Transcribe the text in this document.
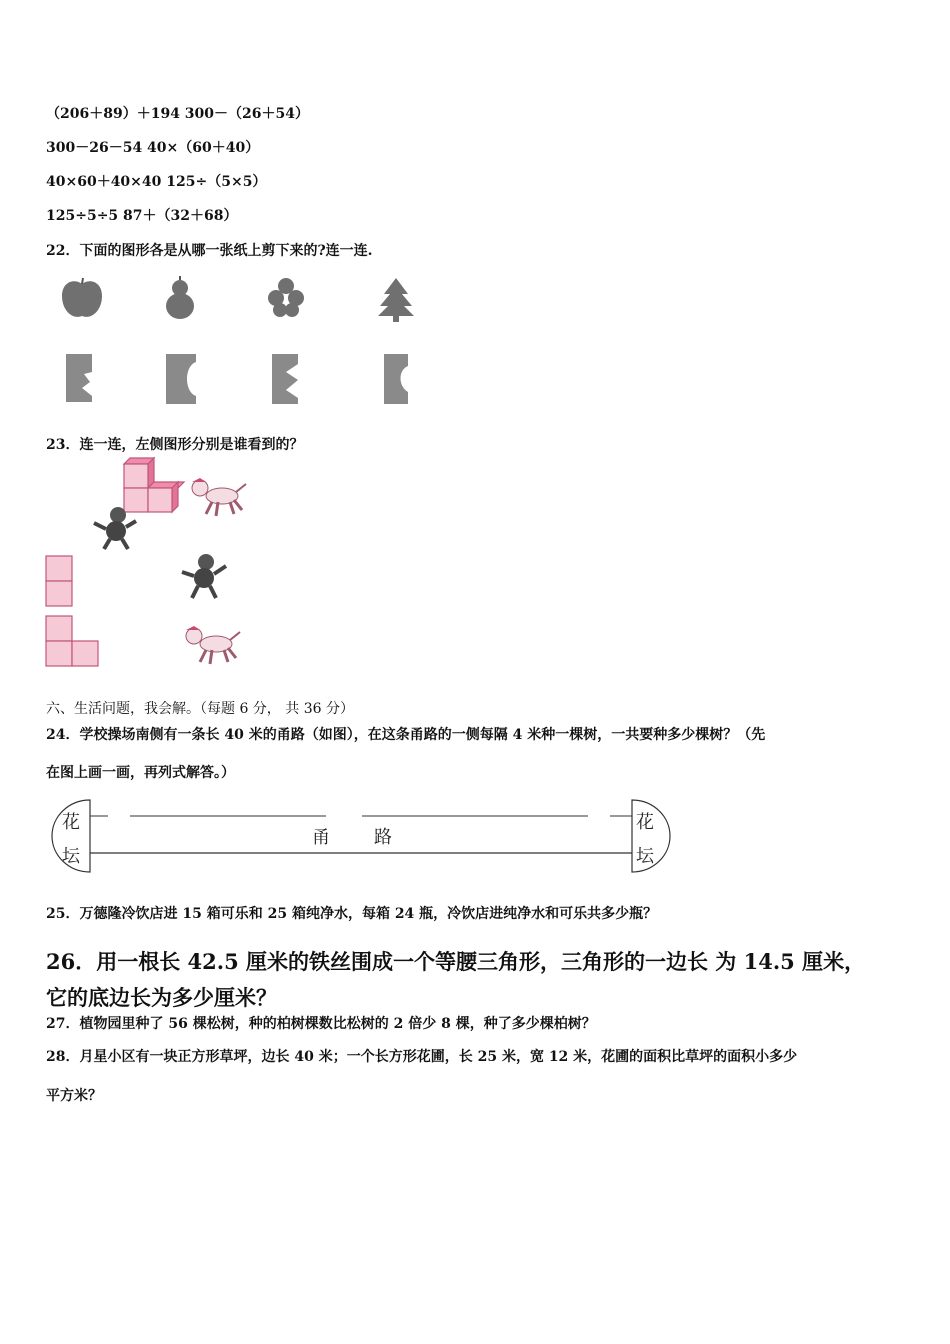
（206＋89）＋194 300－（26＋54）
300－26－54 40×（60＋40）
40×60＋40×40 125÷（5×5）
125÷5÷5 87＋（32＋68）
22．下面的图形各是从哪一张纸上剪下来的?连一连.
23．连一连，左侧图形分别是谁看到的？
六、生活问题，我会解。（每题 6 分， 共 36 分）
24．学校操场南侧有一条长 40 米的甬路（如图），在这条甬路的一侧每隔 4 米种一棵树，一共要种多少棵树？（先
在图上画一画，再列式解答。）
花
坛
花
坛
甬 路
25．万德隆冷饮店进 15 箱可乐和 25 箱纯净水，每箱 24 瓶，冷饮店进纯净水和可乐共多少瓶？
26．用一根长 42.5 厘米的铁丝围成一个等腰三角形，三角形的一边长 为 14.5 厘米，
它的底边长为多少厘米？
27．植物园里种了 56 棵松树，种的柏树棵数比松树的 2 倍少 8 棵，种了多少棵柏树？
28．月星小区有一块正方形草坪，边长 40 米；一个长方形花圃，长 25 米，宽 12 米，花圃的面积比草坪的面积小多少
平方米？
